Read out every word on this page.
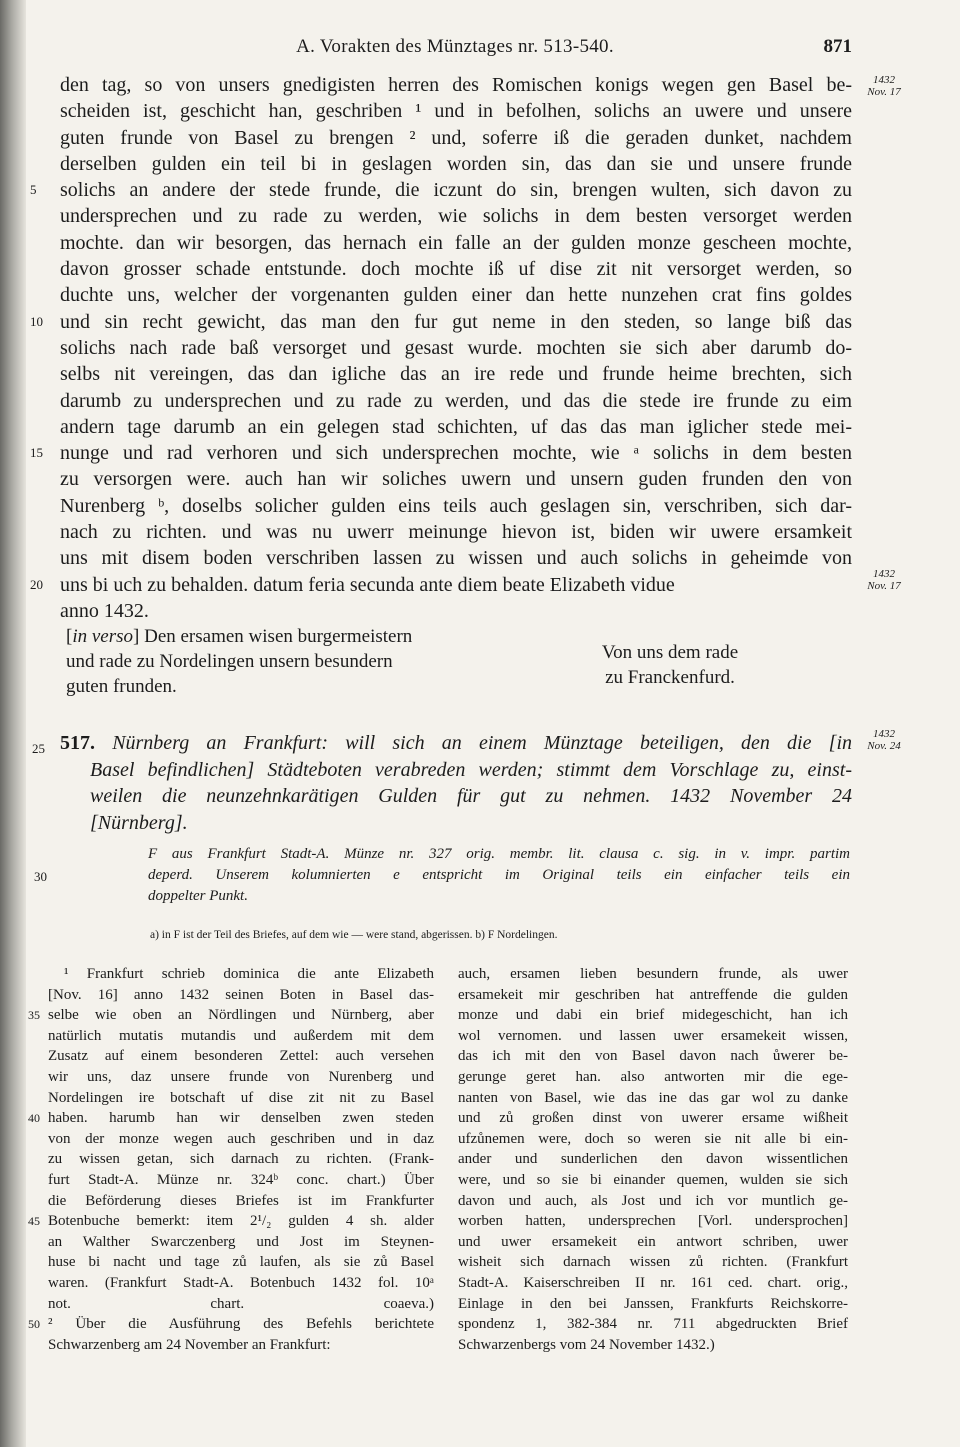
A. Vorakten des Münztages nr. 513-540.	871
den tag, so von unsers gnedigisten herren des Romischen konigs wegen gen Basel be-
scheiden ist, geschicht han, geschriben ¹ und in befolhen, solichs an uwere und unsere
guten frunde von Basel zu brengen ² und, soferre iß die geraden dunket, nachdem
derselben gulden ein teil bi in geslagen worden sin, das dan sie und unsere frunde
5	solichs an andere der stede frunde, die iczunt do sin, brengen wulten, sich davon zu
undersprechen und zu rade zu werden, wie solichs in dem besten versorget werden
mochte. dan wir besorgen, das hernach ein falle an der gulden monze gescheen mochte,
davon grosser schade entstunde. doch mochte iß uf dise zit nit versorget werden, so
duchte uns, welcher der vorgenanten gulden einer dan hette nunzehen crat fins goldes
10 und sin recht gewicht, das man den fur gut neme in den steden, so lange biß das
solichs nach rade baß versorget und gesast wurde. mochten sie sich aber darumb do-
selbs nit vereingen, das dan igliche das an ire rede und frunde heime brechten, sich
darumb zu undersprechen und zu rade zu werden, und das die stede ire frunde zu eim
andern tage darumb an ein gelegen stad schichten, uf das das man iglicher stede mei-
15 nunge und rad verhoren und sich undersprechen mochte, wie ᵃ solichs in dem besten
zu versorgen were. auch han wir soliches uwern und unsern guden frunden den von
Nurenberg ᵇ, doselbs solicher gulden eins teils auch geslagen sin, verschriben, sich dar-
nach zu richten. und was nu uwerr meinunge hievon ist, biden wir uwere ersamkeit
uns mit disem boden verschriben lassen zu wissen und auch solichs in geheimde von
20 uns bi uch zu behalden. datum feria secunda ante diem beate Elizabeth vidue
anno 1432.
1432
Nov. 17
1432
Nov. 17
1432
Nov. 24
[in verso] Den ersamen wisen burgermeistern
und rade zu Nordelingen unsern besundern
guten frunden.
Von uns dem rade
zu Franckenfurd.
25 517. Nürnberg an Frankfurt: will sich an einem Münztage beteiligen, den die [in
Basel befindlichen] Städteboten verabreden werden; stimmt dem Vorschlage zu, einst-
weilen die neunzehnkarätigen Gulden für gut zu nehmen. 1432 November 24
[Nürnberg].
30
F aus Frankfurt Stadt-A. Münze nr. 327 orig. membr. lit. clausa c. sig. in v. impr. partim
deperd. Unserem kolumnierten e entspricht im Original teils ein einfacher teils ein
doppelter Punkt.
a) in F ist der Teil des Briefes, auf dem wie — were stand, abgerissen. b) F Nordelingen.
¹ Frankfurt schrieb dominica die ante Elizabeth
[Nov. 16] anno 1432 seinen Boten in Basel das-
35 selbe wie oben an Nördlingen und Nürnberg, aber
natürlich mutatis mutandis und außerdem mit dem
Zusatz auf einem besonderen Zettel: auch versehen
wir uns, daz unsere frunde von Nurenberg und
Nordelingen ire botschaft uf dise zit nit zu Basel
40 haben. harumb han wir denselben zwen steden
von der monze wegen auch geschriben und in daz
zu wissen getan, sich darnach zu richten. (Frank-
furt Stadt-A. Münze nr. 324ᵇ conc. chart.) Über
die Beförderung dieses Briefes ist im Frankfurter
45 Botenbuche bemerkt: item 2¹/₂ gulden 4 sh. alder
an Walther Swarczenberg und Jost im Steynen-
huse bi nacht und tage zů laufen, als sie zů Basel
waren. (Frankfurt Stadt-A. Botenbuch 1432 fol. 10ᵃ
not. chart. coaeva.)
50 ² Über die Ausführung des Befehls berichtete
Schwarzenberg am 24 November an Frankfurt:
auch, ersamen lieben besundern frunde, als uwer
ersamekeit mir geschriben hat antreffende die gulden
monze und dabi ein brief midegeschicht, han ich
wol vernomen. und lassen uwer ersamekeit wissen,
das ich mit den von Basel davon nach ůwerer be-
gerunge geret han. also antworten mir die ege-
nanten von Basel, wie das ine das gar wol zu danke
und zů großen dinst von uwerer ersame wißheit
ufzůnemen were, doch so weren sie nit alle bi ein-
ander und sunderlichen den davon wissentlichen
were, und so sie bi einander quemen, wulden sie sich
davon und auch, als Jost und ich vor muntlich ge-
worben hatten, undersprechen [Vorl. undersprochen]
und uwer ersamekeit ein antwort schriben, uwer
wisheit sich darnach wissen zů richten. (Frankfurt
Stadt-A. Kaiserschreiben II nr. 161 ced. chart. orig.,
Einlage in den bei Janssen, Frankfurts Reichskorre-
spondenz 1, 382-384 nr. 711 abgedruckten Brief
Schwarzenbergs vom 24 November 1432.)
